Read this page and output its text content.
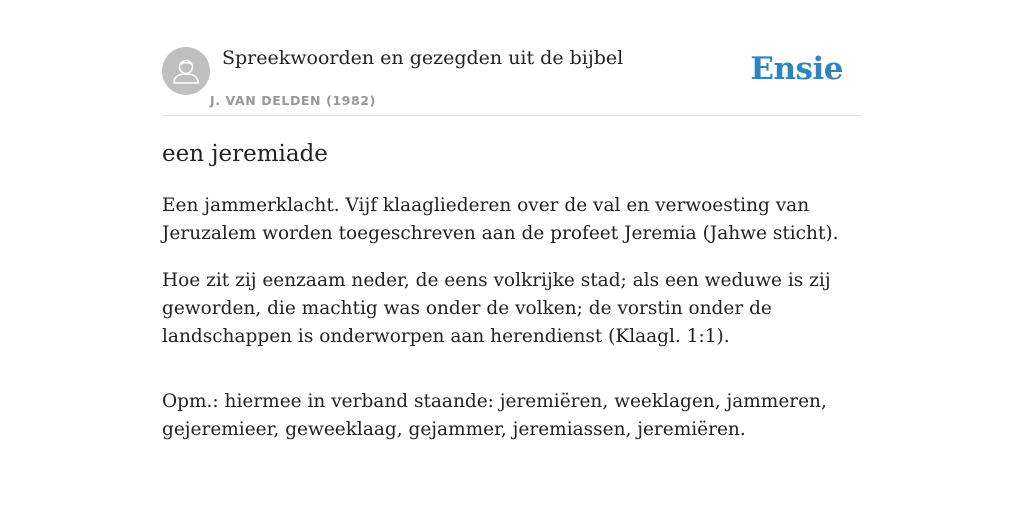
Spreekwoorden en gezegden uit de bijbel
J. VAN DELDEN (1982)
Ensie
een jeremiade

Een jammerklacht. Vijf klaagliederen over de val en verwoesting van Jeruzalem worden toegeschreven aan de profeet Jeremia (Jahwe sticht).

Hoe zit zij eenzaam neder, de eens volkrijke stad; als een weduwe is zij geworden, die machtig was onder de volken; de vorstin onder de landschappen is onderworpen aan herendienst (Klaagl. 1:1).

Opm.: hiermee in verband staande: jeremiëren, weeklagen, jammeren, gejeremieer, geweeklaag, gejammer, jeremiassen, jeremiëren.
